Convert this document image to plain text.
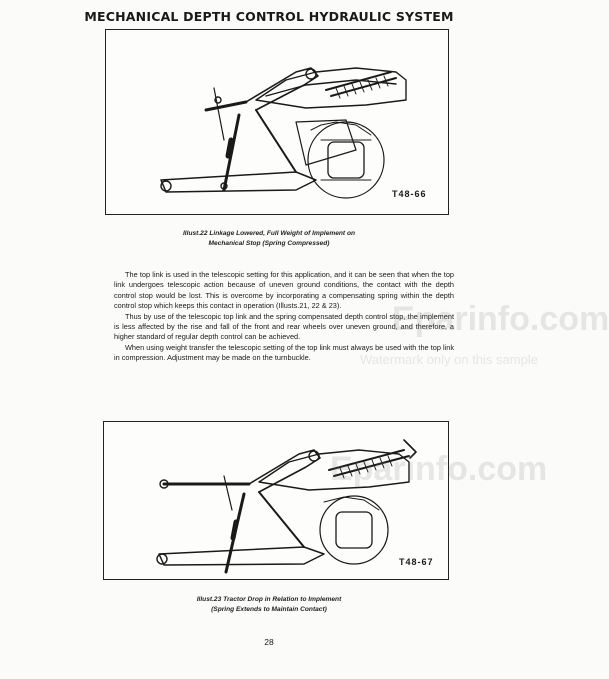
MECHANICAL DEPTH CONTROL HYDRAULIC SYSTEM
T48-66
Illust.22 Linkage Lowered, Full Weight of Implement on
Mechanical Stop (Spring Compressed)

The top link is used in the telescopic setting for this application, and it can be seen that when the top link undergoes telescopic action because of uneven ground conditions, the contact with the depth control stop would be lost. This is overcome by incorporating a compensating spring within the depth control stop which keeps this contact in operation (Illusts.21, 22 & 23).

Thus by use of the telescopic top link and the spring compensated depth control stop, the implement is less affected by the rise and fall of the front and rear wheels over uneven ground, and therefore, a higher standard of regular depth control can be achieved.

When using weight transfer the telescopic setting of the top link must always be used with the top link in compression. Adjustment may be made on the turnbuckle.

T48-67
Illust.23 Tractor Drop in Relation to Implement
(Spring Extends to Maintain Contact)
Eparinfo.com
Watermark only on this sample
Eparinfo.com
28
